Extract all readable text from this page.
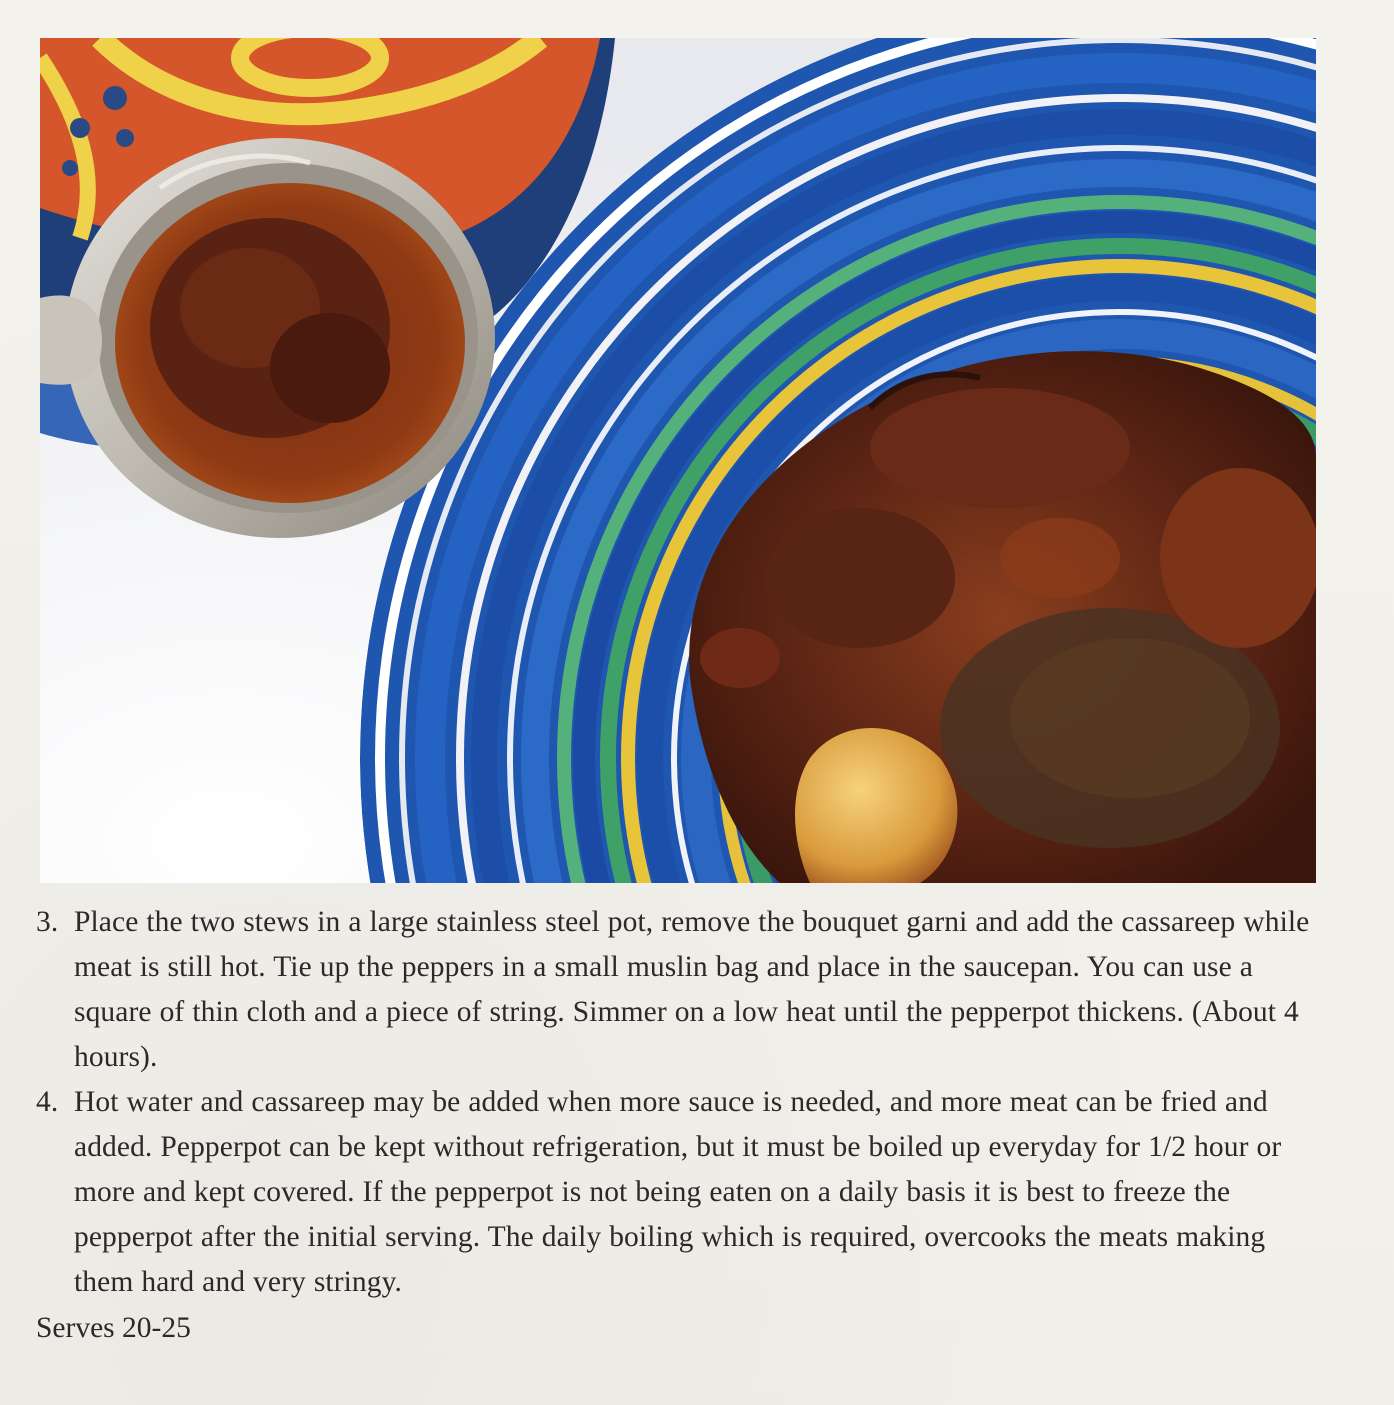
3. Place the two stews in a large stainless steel pot, remove the bouquet garni and add the cassareep while meat is still hot. Tie up the peppers in a small muslin bag and place in the saucepan. You can use a square of thin cloth and a piece of string. Simmer on a low heat until the pepperpot thickens. (About 4 hours).
4. Hot water and cassareep may be added when more sauce is needed, and more meat can be fried and added. Pepperpot can be kept without refrigeration, but it must be boiled up everyday for 1/2 hour or more and kept covered. If the pepperpot is not being eaten on a daily basis it is best to freeze the pepperpot after the initial serving. The daily boiling which is required, overcooks the meats making them hard and very stringy.
Serves 20-25
